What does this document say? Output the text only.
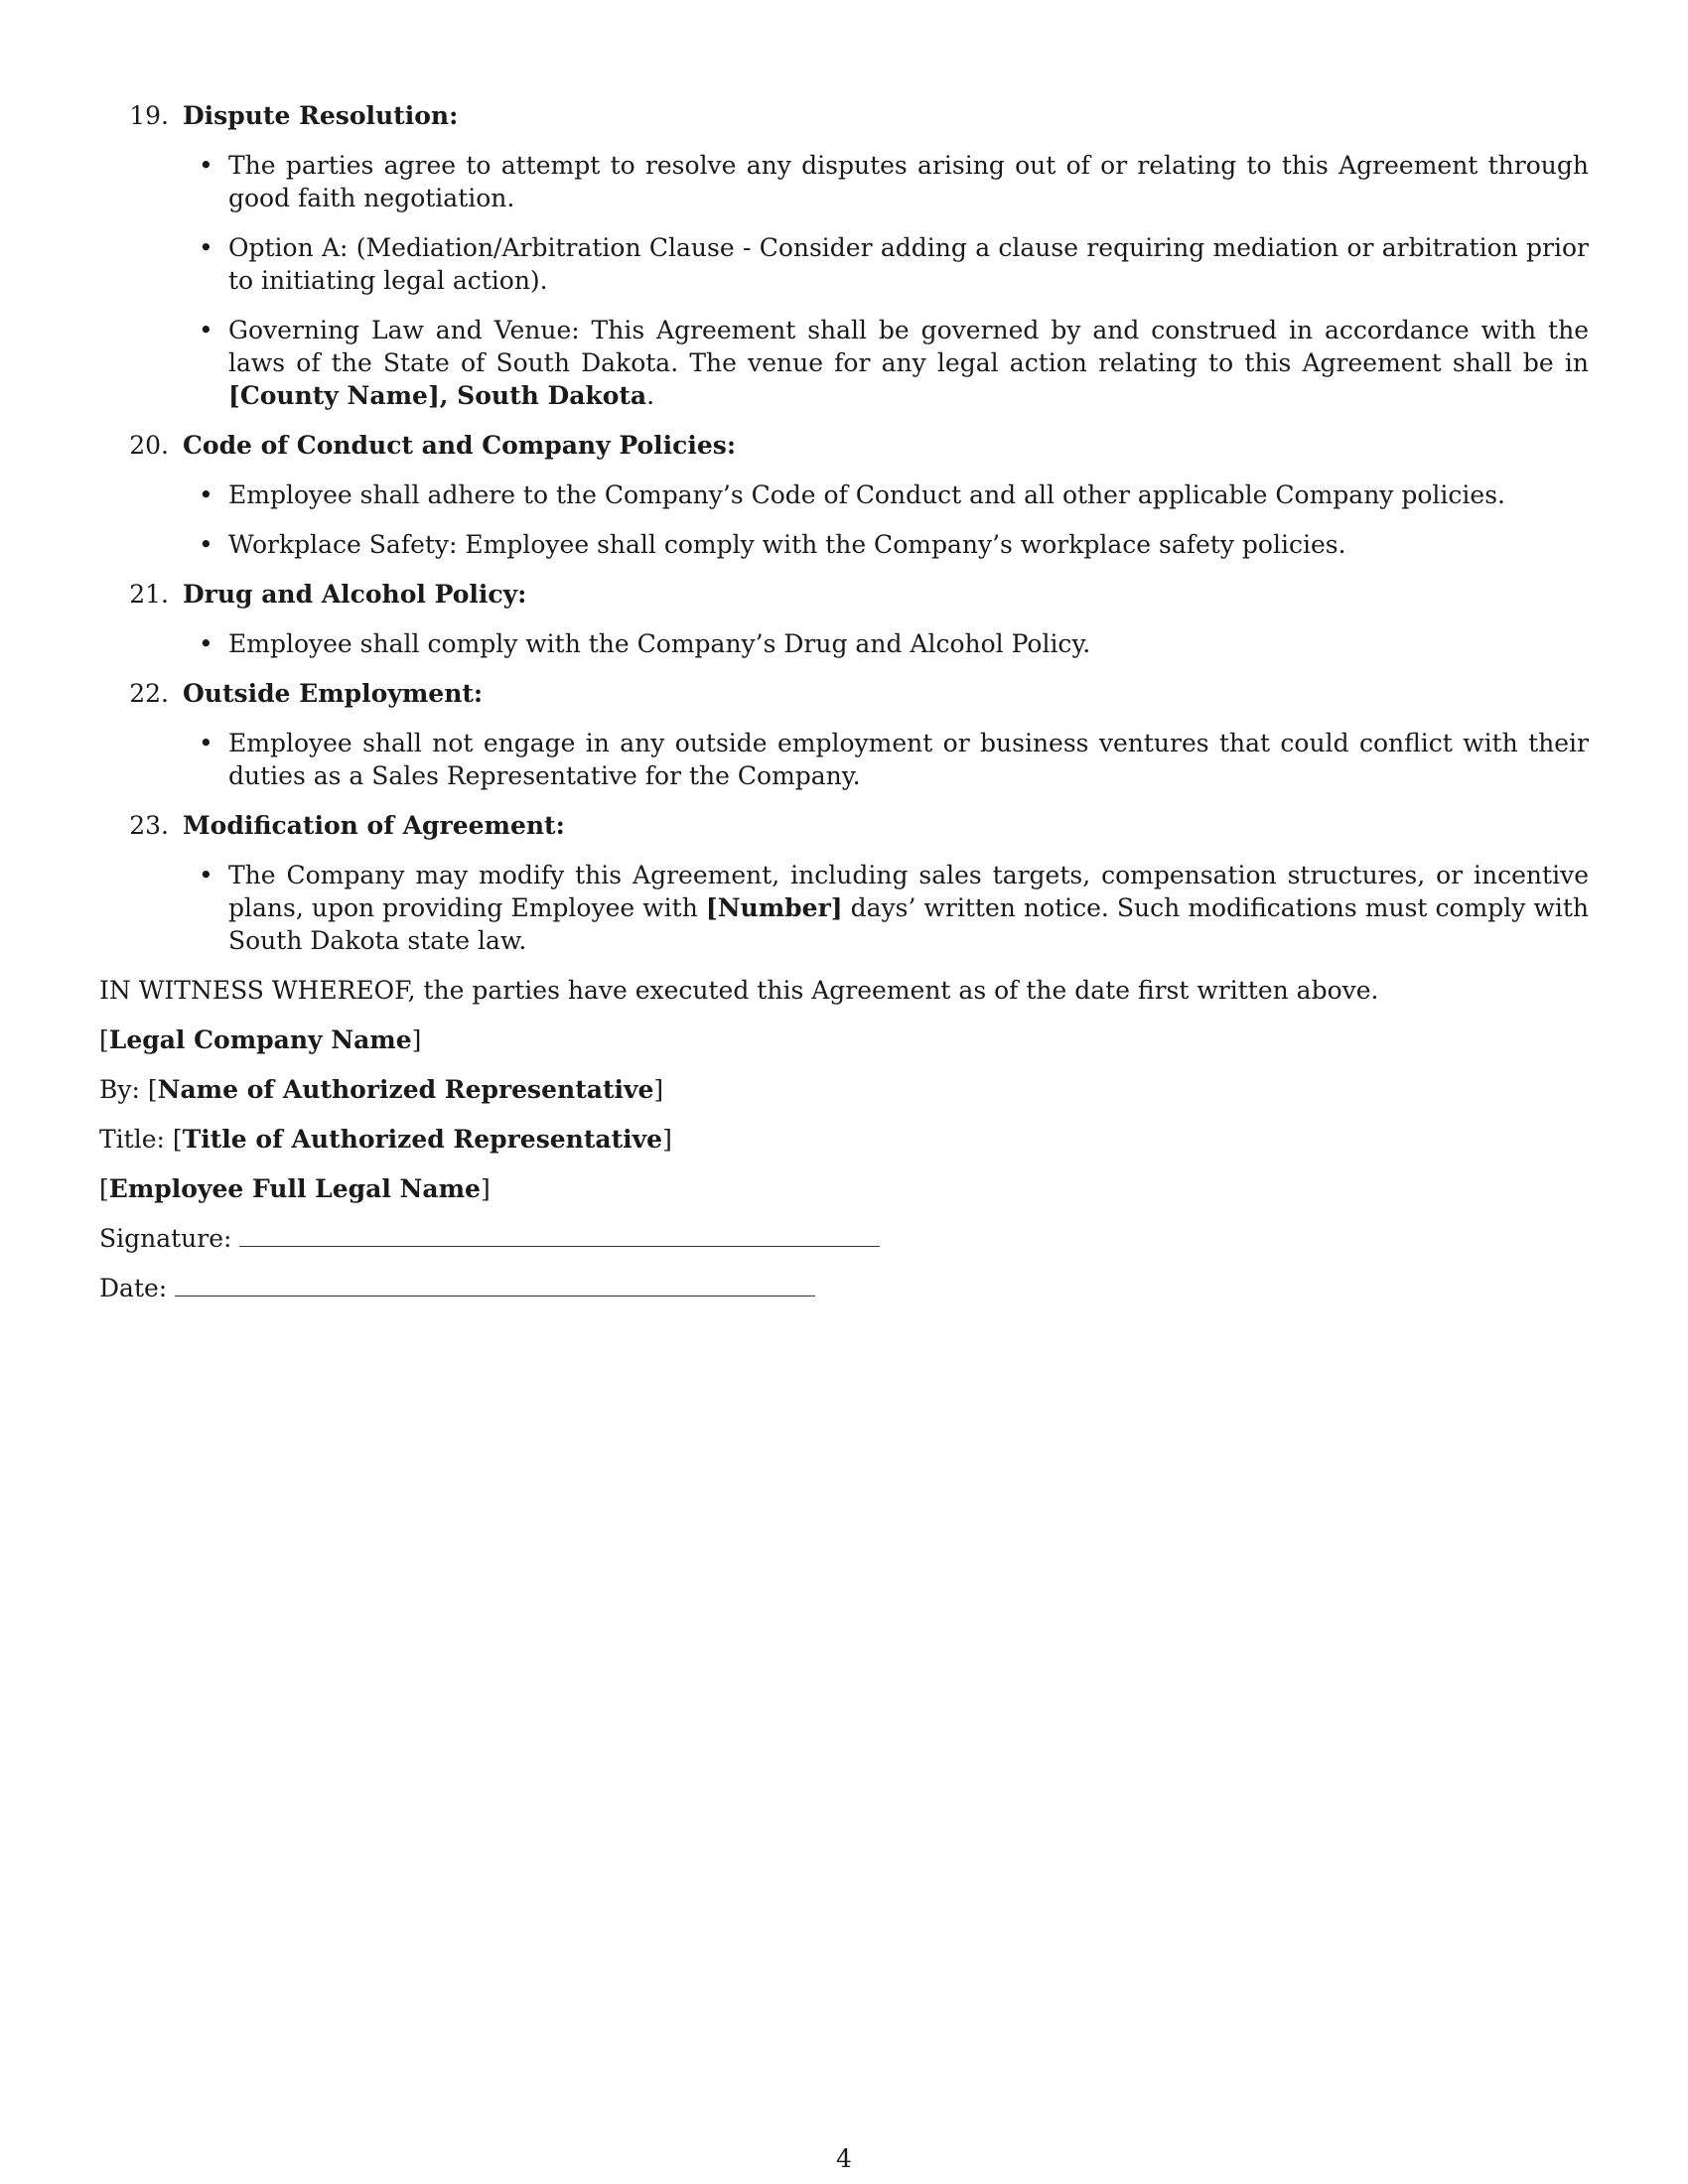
19. Dispute Resolution:
• The parties agree to attempt to resolve any disputes arising out of or relating to this Agreement through good faith negotiation.
• Option A: (Mediation/Arbitration Clause - Consider adding a clause requiring mediation or arbitration prior to initiating legal action).
• Governing Law and Venue: This Agreement shall be governed by and construed in accordance with the laws of the State of South Dakota. The venue for any legal action relating to this Agreement shall be in [County Name], South Dakota.
20. Code of Conduct and Company Policies:
• Employee shall adhere to the Company’s Code of Conduct and all other applicable Company policies.
• Workplace Safety: Employee shall comply with the Company’s workplace safety policies.
21. Drug and Alcohol Policy:
• Employee shall comply with the Company’s Drug and Alcohol Policy.
22. Outside Employment:
• Employee shall not engage in any outside employment or business ventures that could conflict with their duties as a Sales Representative for the Company.
23. Modification of Agreement:
• The Company may modify this Agreement, including sales targets, compensation structures, or incentive plans, upon providing Employee with [Number] days’ written notice. Such modifications must comply with South Dakota state law.

IN WITNESS WHEREOF, the parties have executed this Agreement as of the date first written above.

[Legal Company Name]

By: [Name of Authorized Representative]

Title: [Title of Authorized Representative]

[Employee Full Legal Name]

Signature:

Date:

4
